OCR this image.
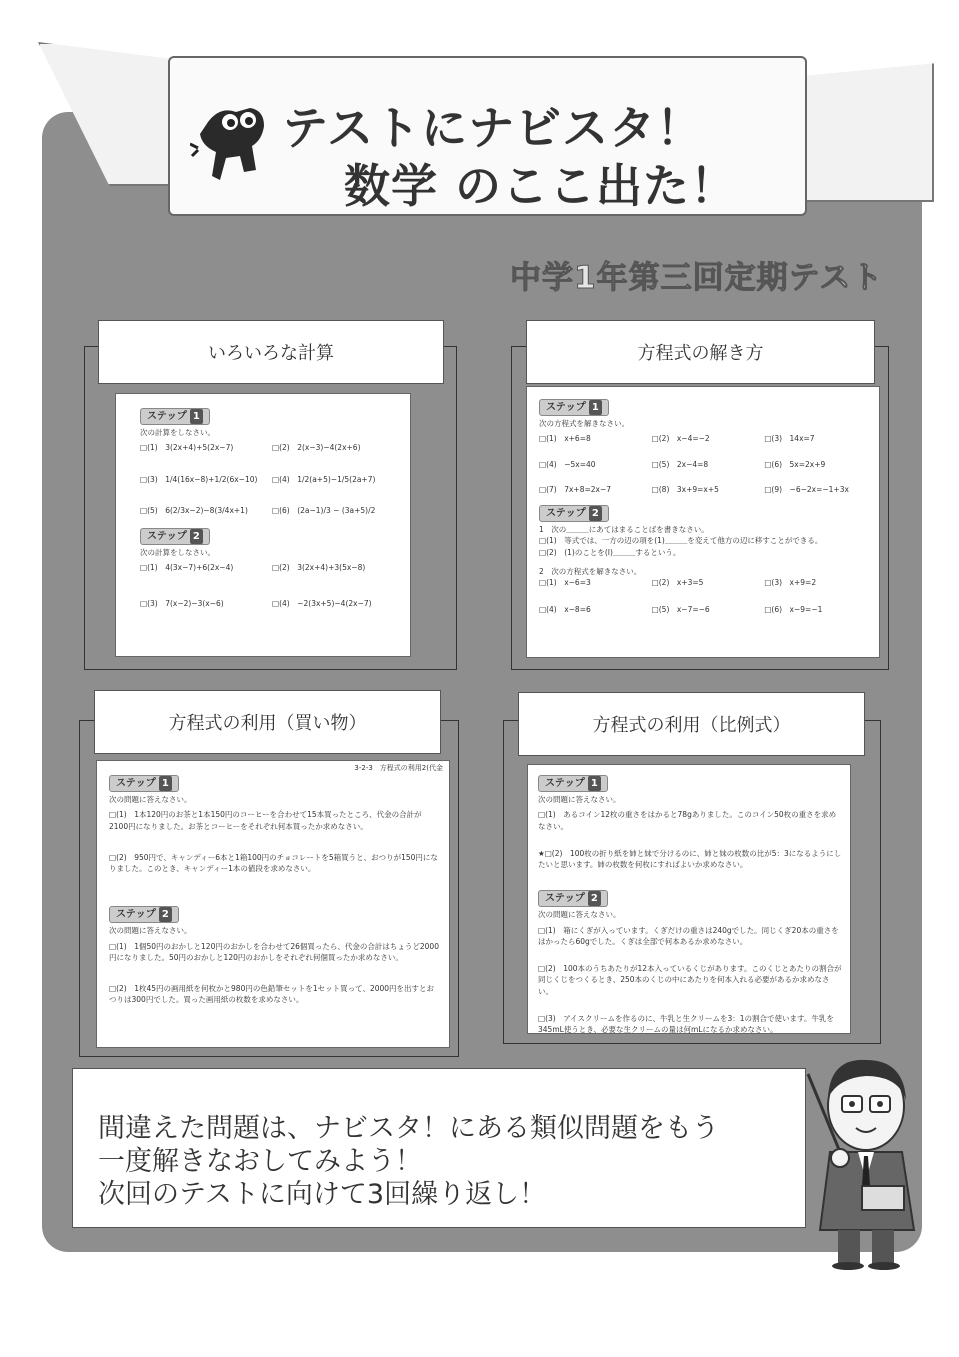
テストにナビスタ！
数学 のここ出た！
中学1年第三回定期テスト
いろいろな計算
ステップ 1
次の計算をしなさい。
□(1)　3(2x+4)+5(2x−7)	□(2)　2(x−3)−4(2x+6)
□(3)　1/4(16x−8)+1/2(6x−10)	□(4)　1/2(a+5)−1/5(2a+7)
□(5)　6(2/3x−2)−8(3/4x+1)	□(6)　(2a−1)/3 − (3a+5)/2
ステップ 2
次の計算をしなさい。
□(1)　4(3x−7)+6(2x−4)	□(2)　3(2x+4)+3(5x−8)
□(3)　7(x−2)−3(x−6)	□(4)　−2(3x+5)−4(2x−7)
方程式の解き方
ステップ 1
次の方程式を解きなさい。
□(1)　x+6=8	□(2)　x−4=−2	□(3)　14x=7
□(4)　−5x=40	□(5)　2x−4=8	□(6)　5x=2x+9
□(7)　7x+8=2x−7	□(8)　3x+9=x+5	□(9)　−6−2x=−1+3x
ステップ 2
1　次の＿＿＿にあてはまることばを書きなさい。
□(1)　等式では、一方の辺の項を(1)＿＿＿を変えて他方の辺に移すことができる。
□(2)　(1)のことを(I)＿＿＿するという。
2　次の方程式を解きなさい。
□(1)　x−6=3	□(2)　x+3=5	□(3)　x+9=2
□(4)　x−8=6	□(5)　x−7=−6	□(6)　x−9=−1
方程式の利用（買い物）
3-2-3　方程式の利用2(代金
ステップ 1
次の問題に答えなさい。
□(1)　1本120円のお茶と1本150円のコーヒーを合わせて15本買ったところ、代金の合計が2100円になりました。お茶とコーヒーをそれぞれ何本買ったか求めなさい。
□(2)　950円で、キャンディー6本と1箱100円のチョコレートを5箱買うと、おつりが150円になりました。このとき、キャンディー1本の値段を求めなさい。
ステップ 2
次の問題に答えなさい。
□(1)　1個50円のおかしと120円のおかしを合わせて26個買ったら、代金の合計はちょうど2000円になりました。50円のおかしと120円のおかしをそれぞれ何個買ったか求めなさい。
□(2)　1枚45円の画用紙を何枚かと980円の色鉛筆セットを1セット買って、2000円を出すとおつりは300円でした。買った画用紙の枚数を求めなさい。
方程式の利用（比例式）
ステップ 1
次の問題に答えなさい。
□(1)　あるコイン12枚の重さをはかると78gありました。このコイン50枚の重さを求めなさい。
★□(2)　100枚の折り紙を姉と妹で分けるのに、姉と妹の枚数の比が5：3になるようにしたいと思います。姉の枚数を何枚にすればよいか求めなさい。
ステップ 2
次の問題に答えなさい。
□(1)　箱にくぎが入っています。くぎだけの重さは240gでした。同じくぎ20本の重さをはかったら60gでした。くぎは全部で何本あるか求めなさい。
□(2)　100本のうちあたりが12本入っているくじがあります。このくじとあたりの割合が同じくじをつくるとき、250本のくじの中にあたりを何本入れる必要があるか求めなさい。
□(3)　アイスクリームを作るのに、牛乳と生クリームを3：1の割合で使います。牛乳を345mL使うとき、必要な生クリームの量は何mLになるか求めなさい。
間違えた問題は、ナビスタ！にある類似問題をもう
一度解きなおしてみよう！
次回のテストに向けて3回繰り返し！
